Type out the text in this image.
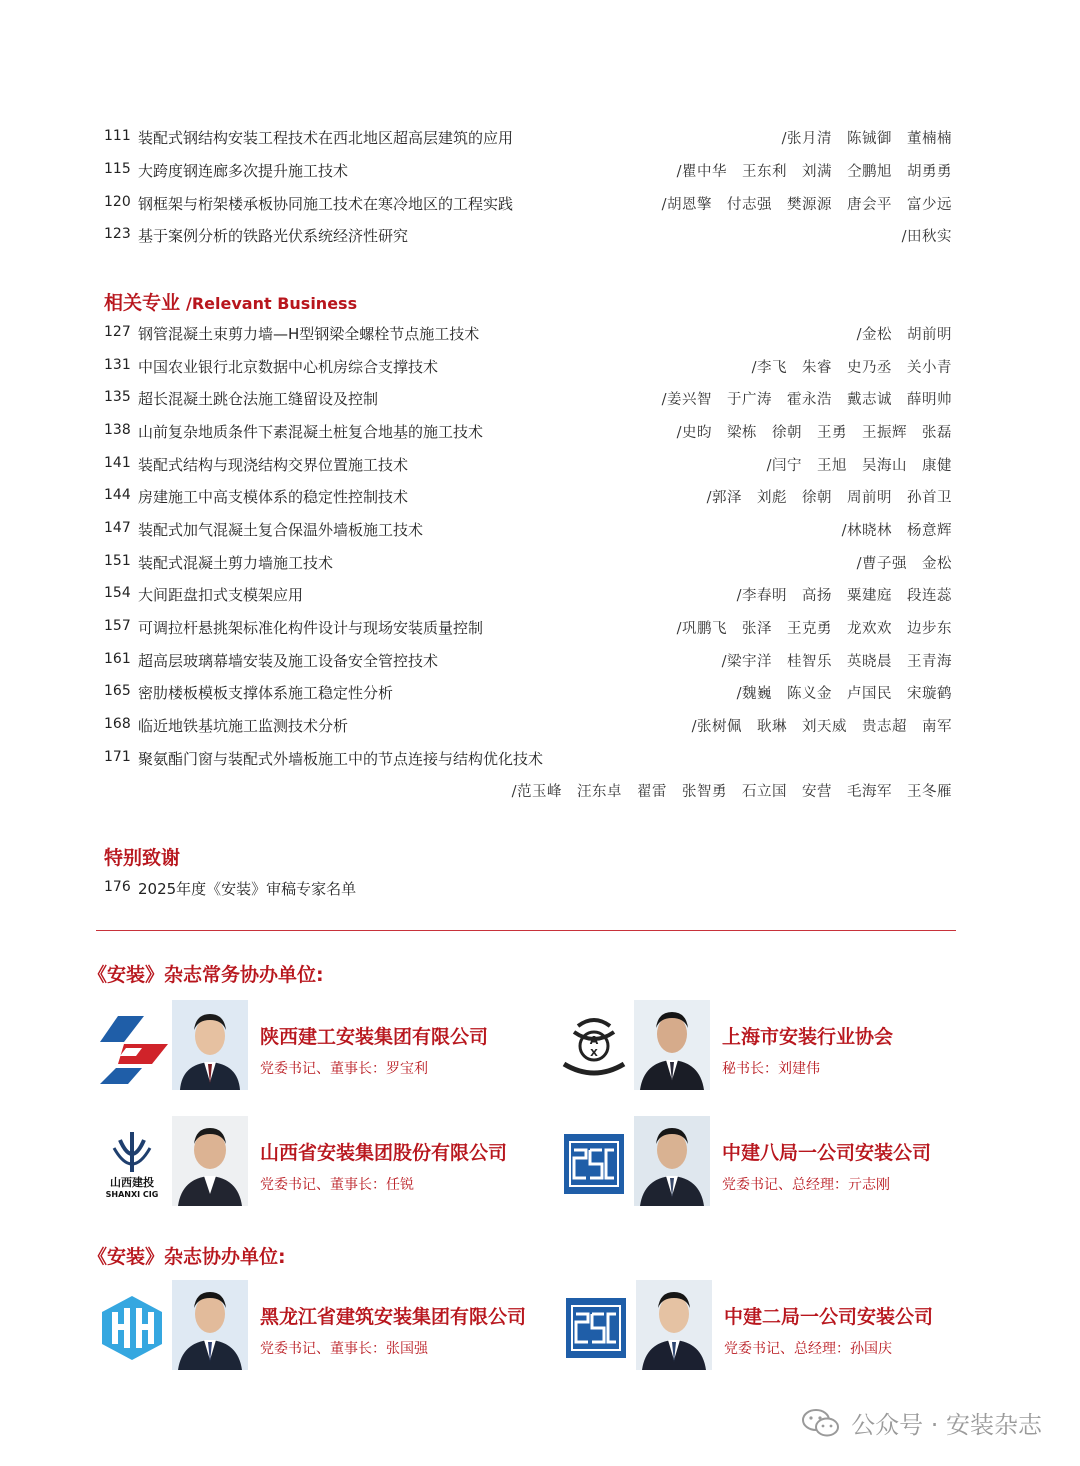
111 装配式钢结构安装工程技术在西北地区超高层建筑的应用	/张月清　陈铖御　董楠楠
115 大跨度钢连廊多次提升施工技术	/瞿中华　王东利　刘满　仝鹏旭　胡勇勇
120 钢框架与桁架楼承板协同施工技术在寒冷地区的工程实践	/胡恩擎　付志强　樊源源　唐会平　富少远
123 基于案例分析的铁路光伏系统经济性研究	/田秋实
相关专业 /Relevant Business
127 钢管混凝土束剪力墙—H型钢梁全螺栓节点施工技术	/金松　胡前明
131 中国农业银行北京数据中心机房综合支撑技术	/李飞　朱睿　史乃丞　关小青
135 超长混凝土跳仓法施工缝留设及控制	/姜兴智　于广涛　霍永浩　戴志诚　薛明帅
138 山前复杂地质条件下素混凝土桩复合地基的施工技术	/史昀　梁栋　徐朝　王勇　王振辉　张磊
141 装配式结构与现浇结构交界位置施工技术	/闫宁　王旭　吴海山　康健
144 房建施工中高支模体系的稳定性控制技术	/郭泽　刘彪　徐朝　周前明　孙首卫
147 装配式加气混凝土复合保温外墙板施工技术	/林晓林　杨意辉
151 装配式混凝土剪力墙施工技术	/曹子强　金松
154 大间距盘扣式支模架应用	/李春明　高扬　粟建庭　段连蕊
157 可调拉杆悬挑架标准化构件设计与现场安装质量控制	/巩鹏飞　张泽　王克勇　龙欢欢　边步东
161 超高层玻璃幕墙安装及施工设备安全管控技术	/梁宇洋　桂智乐　英晓晨　王青海
165 密肋楼板模板支撑体系施工稳定性分析	/魏巍　陈义金　卢国民　宋璇鹤
168 临近地铁基坑施工监测技术分析	/张树佩　耿琳　刘天威　贵志超　南军
171 聚氨酯门窗与装配式外墙板施工中的节点连接与结构优化技术
/范玉峰　汪东卓　翟雷　张智勇　石立国　安营　毛海军　王冬雁
特别致谢
176 2025年度《安装》审稿专家名单
《安装》杂志常务协办单位:
陕西建工安装集团有限公司
党委书记、董事长：罗宝利
A
X
上海市安装行业协会
秘书长：刘建伟
山西建投
SHANXI CIG
山西省安装集团股份有限公司
党委书记、董事长：任锐
中建八局一公司安装公司
党委书记、总经理：亓志刚
《安装》杂志协办单位:
黑龙江省建筑安装集团有限公司
党委书记、董事长：张国强
中建二局一公司安装公司
党委书记、总经理：孙国庆
公众号 · 安装杂志
